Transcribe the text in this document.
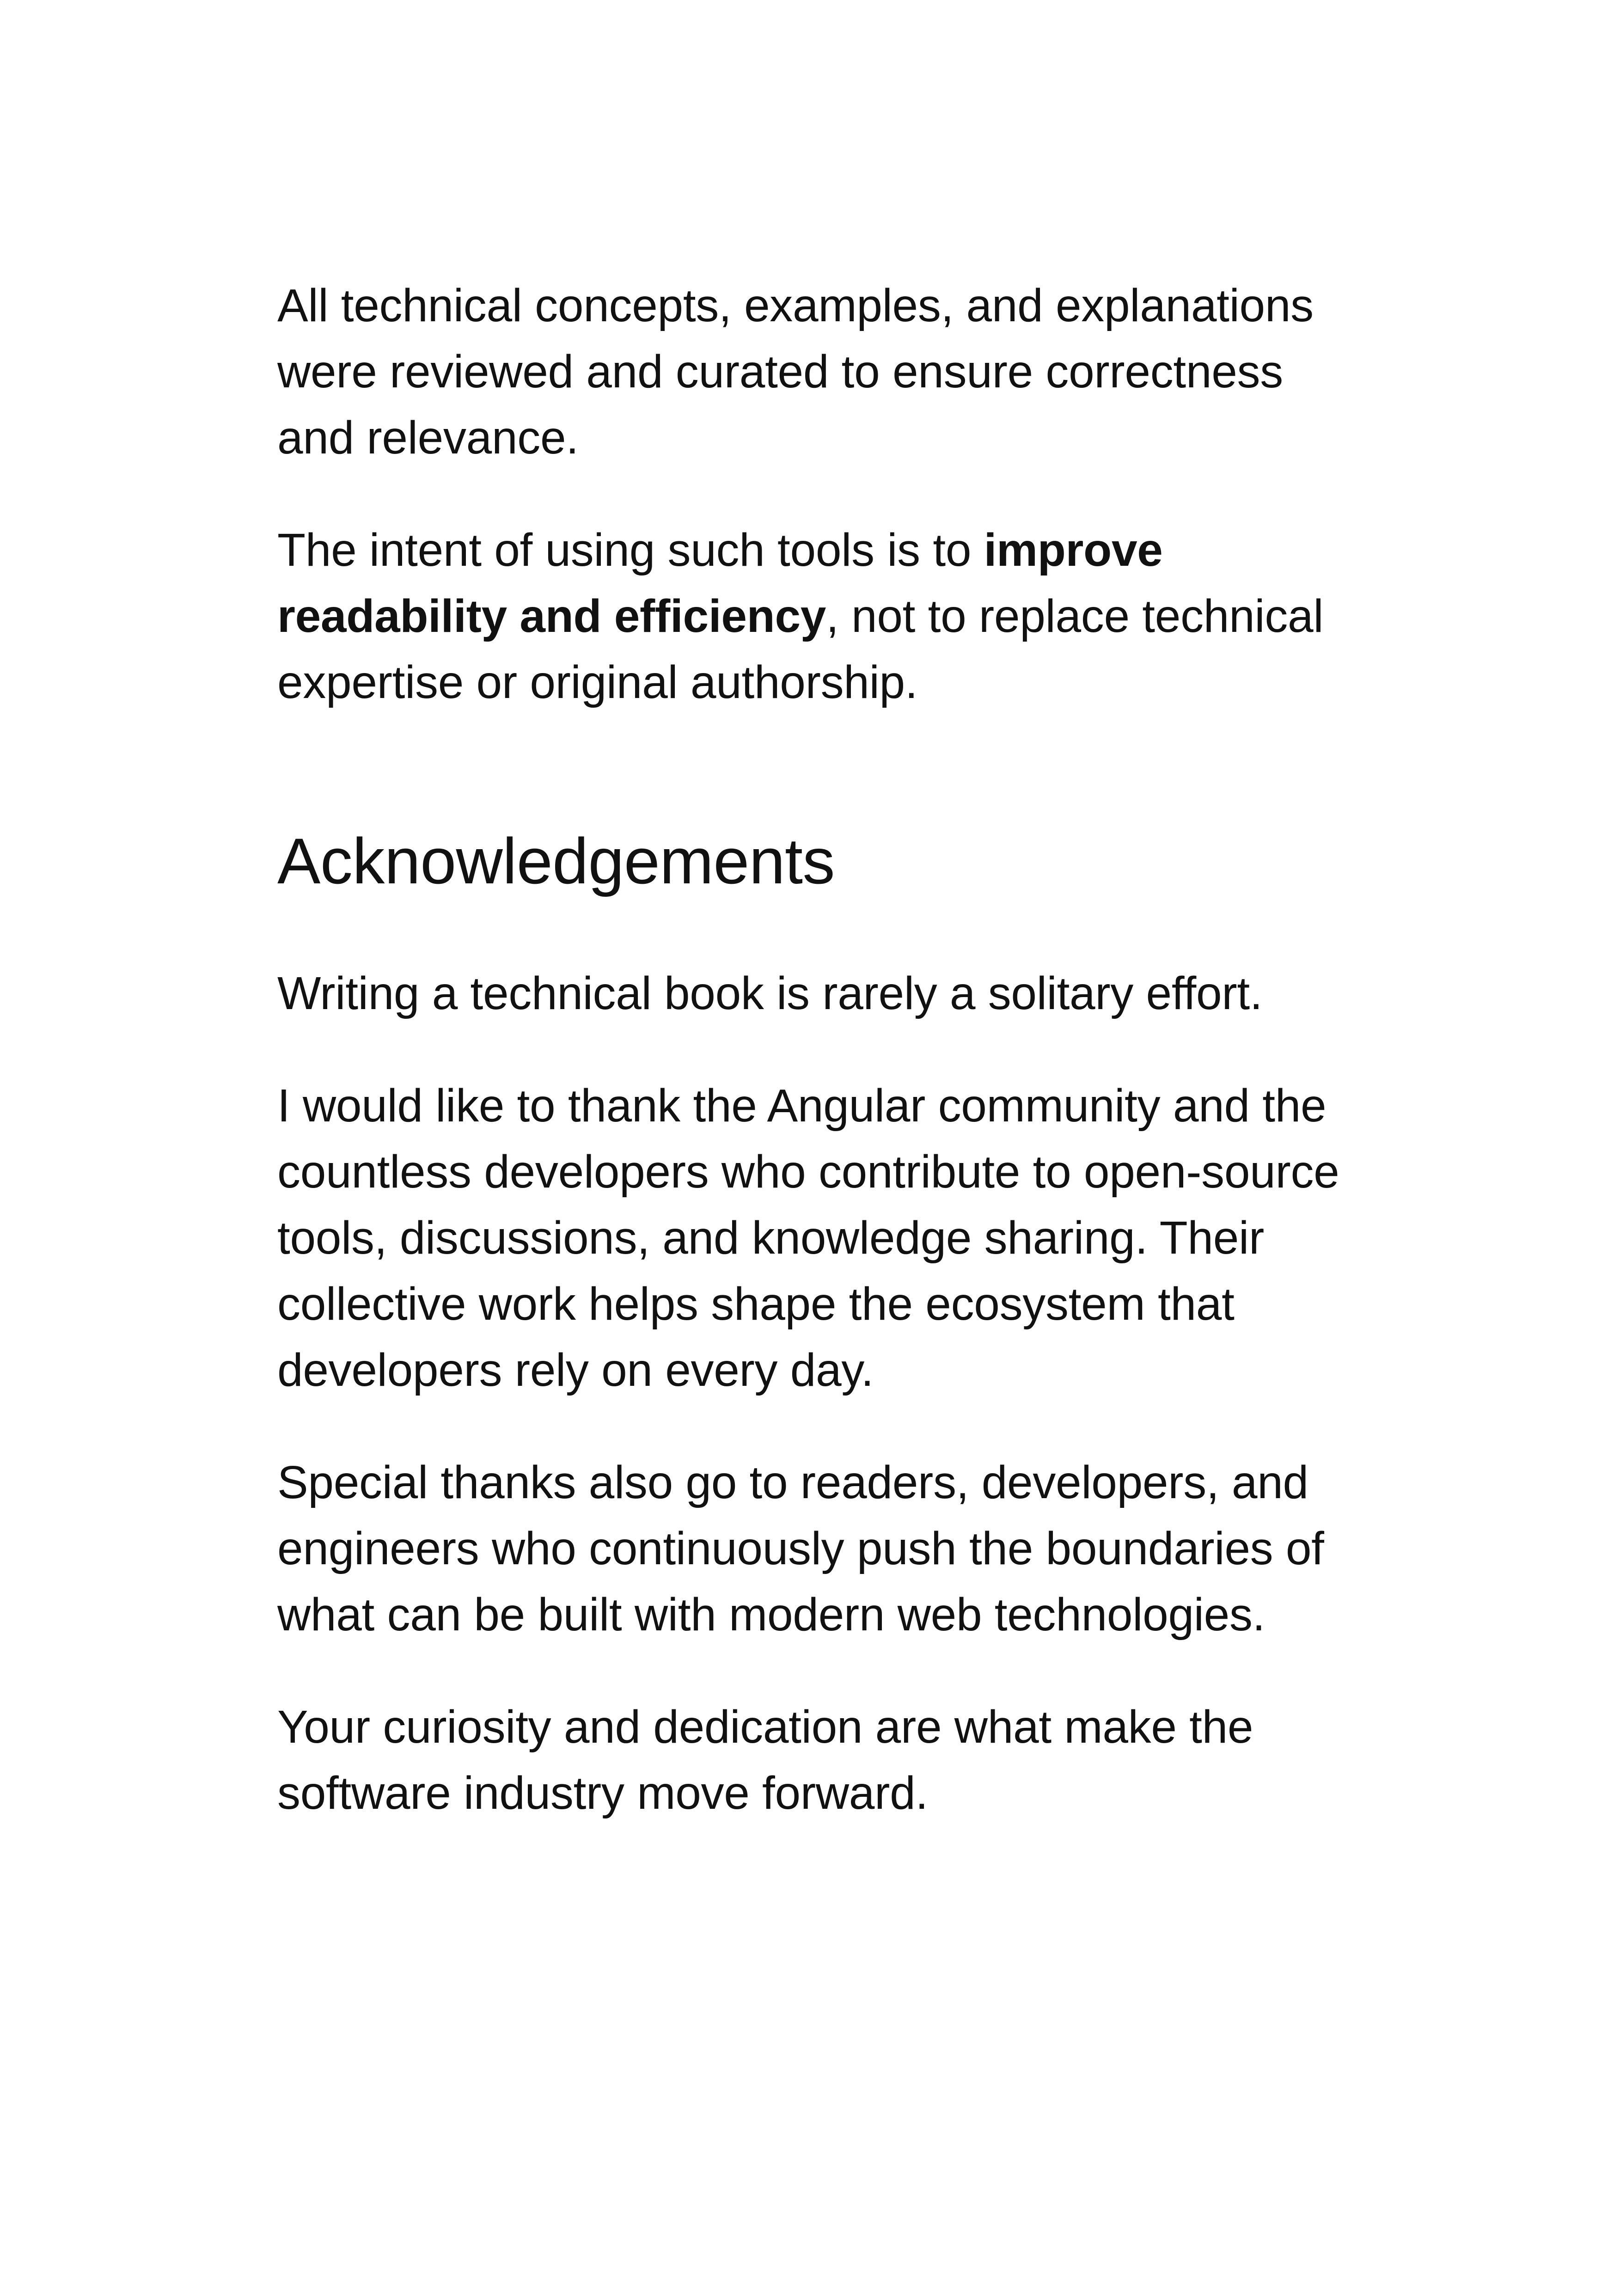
All technical concepts, examples, and explanations were reviewed and curated to ensure correctness and relevance.

The intent of using such tools is to improve readability and efficiency, not to replace technical expertise or original authorship.

Acknowledgements

Writing a technical book is rarely a solitary effort.

I would like to thank the Angular community and the countless developers who contribute to open-source tools, discussions, and knowledge sharing. Their collective work helps shape the ecosystem that developers rely on every day.

Special thanks also go to readers, developers, and engineers who continuously push the boundaries of what can be built with modern web technologies.

Your curiosity and dedication are what make the software industry move forward.
